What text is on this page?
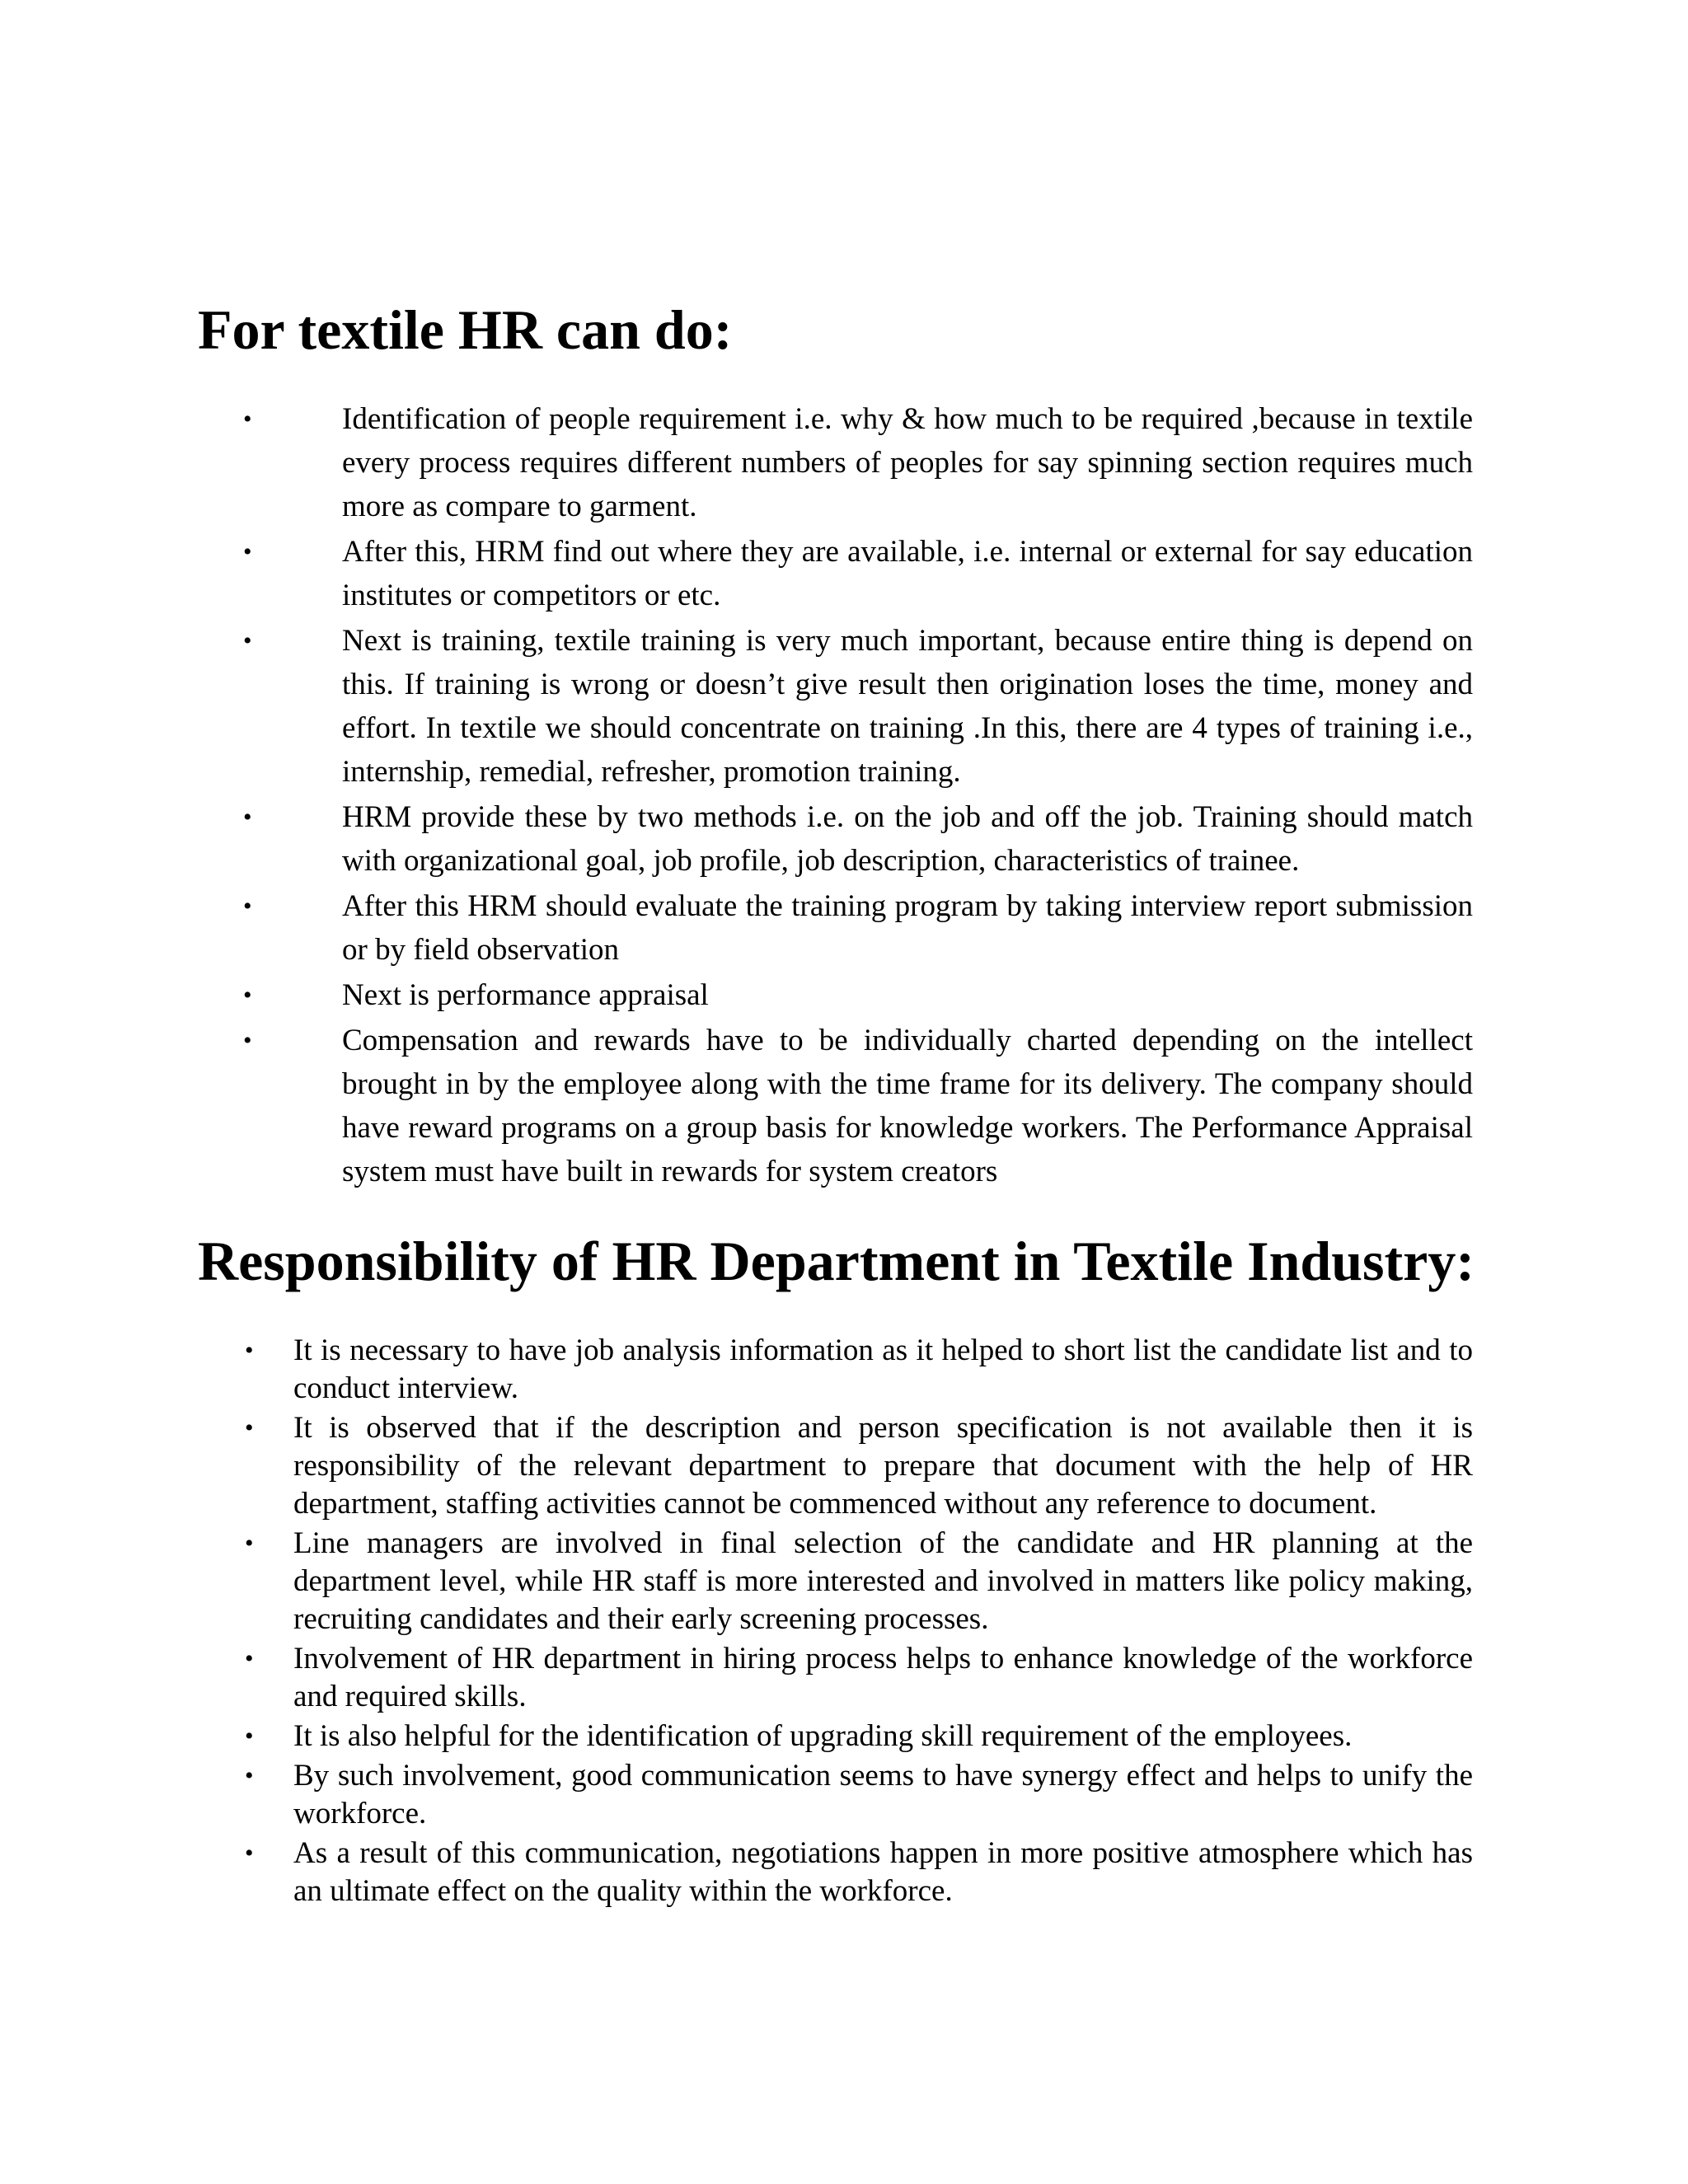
For textile HR can do:
•	Identification of people requirement i.e. why & how much to be required ,because in textile every process requires different numbers of peoples for say spinning section requires much more as compare to garment.
•	After this, HRM find out where they are available, i.e. internal or external for say education institutes or competitors or etc.
•	Next is training, textile training is very much important, because entire thing is depend on this. If training is wrong or doesn’t give result then origination loses the time, money and effort. In textile we should concentrate on training .In this, there are 4 types of training i.e., internship, remedial, refresher, promotion training.
•	HRM provide these by two methods i.e. on the job and off the job. Training should match with organizational goal, job profile, job description, characteristics of trainee.
•	After this HRM should evaluate the training program by taking interview report submission or by field observation
•	Next is performance appraisal
•	Compensation and rewards have to be individually charted depending on the intellect brought in by the employee along with the time frame for its delivery. The company should have reward programs on a group basis for knowledge workers. The Performance Appraisal system must have built in rewards for system creators
Responsibility of HR Department in Textile Industry:
• It is necessary to have job analysis information as it helped to short list the candidate list and to conduct interview.
• It is observed that if the description and person specification is not available then it is responsibility of the relevant department to prepare that document with the help of HR department, staffing activities cannot be commenced without any reference to document.
• Line managers are involved in final selection of the candidate and HR planning at the department level, while HR staff is more interested and involved in matters like policy making, recruiting candidates and their early screening processes.
• Involvement of HR department in hiring process helps to enhance knowledge of the workforce and required skills.
• It is also helpful for the identification of upgrading skill requirement of the employees.
• By such involvement, good communication seems to have synergy effect and helps to unify the workforce.
• As a result of this communication, negotiations happen in more positive atmosphere which has an ultimate effect on the quality within the workforce.
